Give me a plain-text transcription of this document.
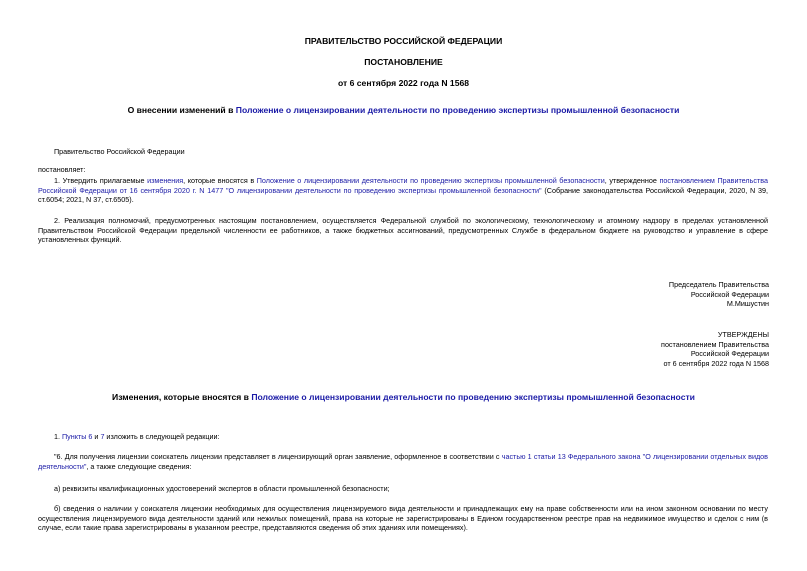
ПРАВИТЕЛЬСТВО РОССИЙСКОЙ ФЕДЕРАЦИИ
ПОСТАНОВЛЕНИЕ
от 6 сентября 2022 года N 1568
О внесении изменений в Положение о лицензировании деятельности по проведению экспертизы промышленной безопасности
Правительство Российской Федерации
постановляет:
1. Утвердить прилагаемые изменения, которые вносятся в Положение о лицензировании деятельности по проведению экспертизы промышленной безопасности, утвержденное постановлением Правительства Российской Федерации от 16 сентября 2020 г. N 1477 "О лицензировании деятельности по проведению экспертизы промышленной безопасности" (Собрание законодательства Российской Федерации, 2020, N 39, ст.6054; 2021, N 37, ст.6505).
2. Реализация полномочий, предусмотренных настоящим постановлением, осуществляется Федеральной службой по экологическому, технологическому и атомному надзору в пределах установленной Правительством Российской Федерации предельной численности ее работников, а также бюджетных ассигнований, предусмотренных Службе в федеральном бюджете на руководство и управление в сфере установленных функций.
Председатель Правительства
Российской Федерации
М.Мишустин
УТВЕРЖДЕНЫ
постановлением Правительства
Российской Федерации
от 6 сентября 2022 года N 1568
Изменения, которые вносятся в Положение о лицензировании деятельности по проведению экспертизы промышленной безопасности
1. Пункты 6 и 7 изложить в следующей редакции:
"6. Для получения лицензии соискатель лицензии представляет в лицензирующий орган заявление, оформленное в соответствии с частью 1 статьи 13 Федерального закона "О лицензировании отдельных видов деятельности", а также следующие сведения:
а) реквизиты квалификационных удостоверений экспертов в области промышленной безопасности;
б) сведения о наличии у соискателя лицензии необходимых для осуществления лицензируемого вида деятельности и принадлежащих ему на праве собственности или на ином законном основании по месту осуществления лицензируемого вида деятельности зданий или нежилых помещений, права на которые не зарегистрированы в Едином государственном реестре прав на недвижимое имущество и сделок с ним (в случае, если такие права зарегистрированы в указанном реестре, представляются сведения об этих зданиях или помещениях).
